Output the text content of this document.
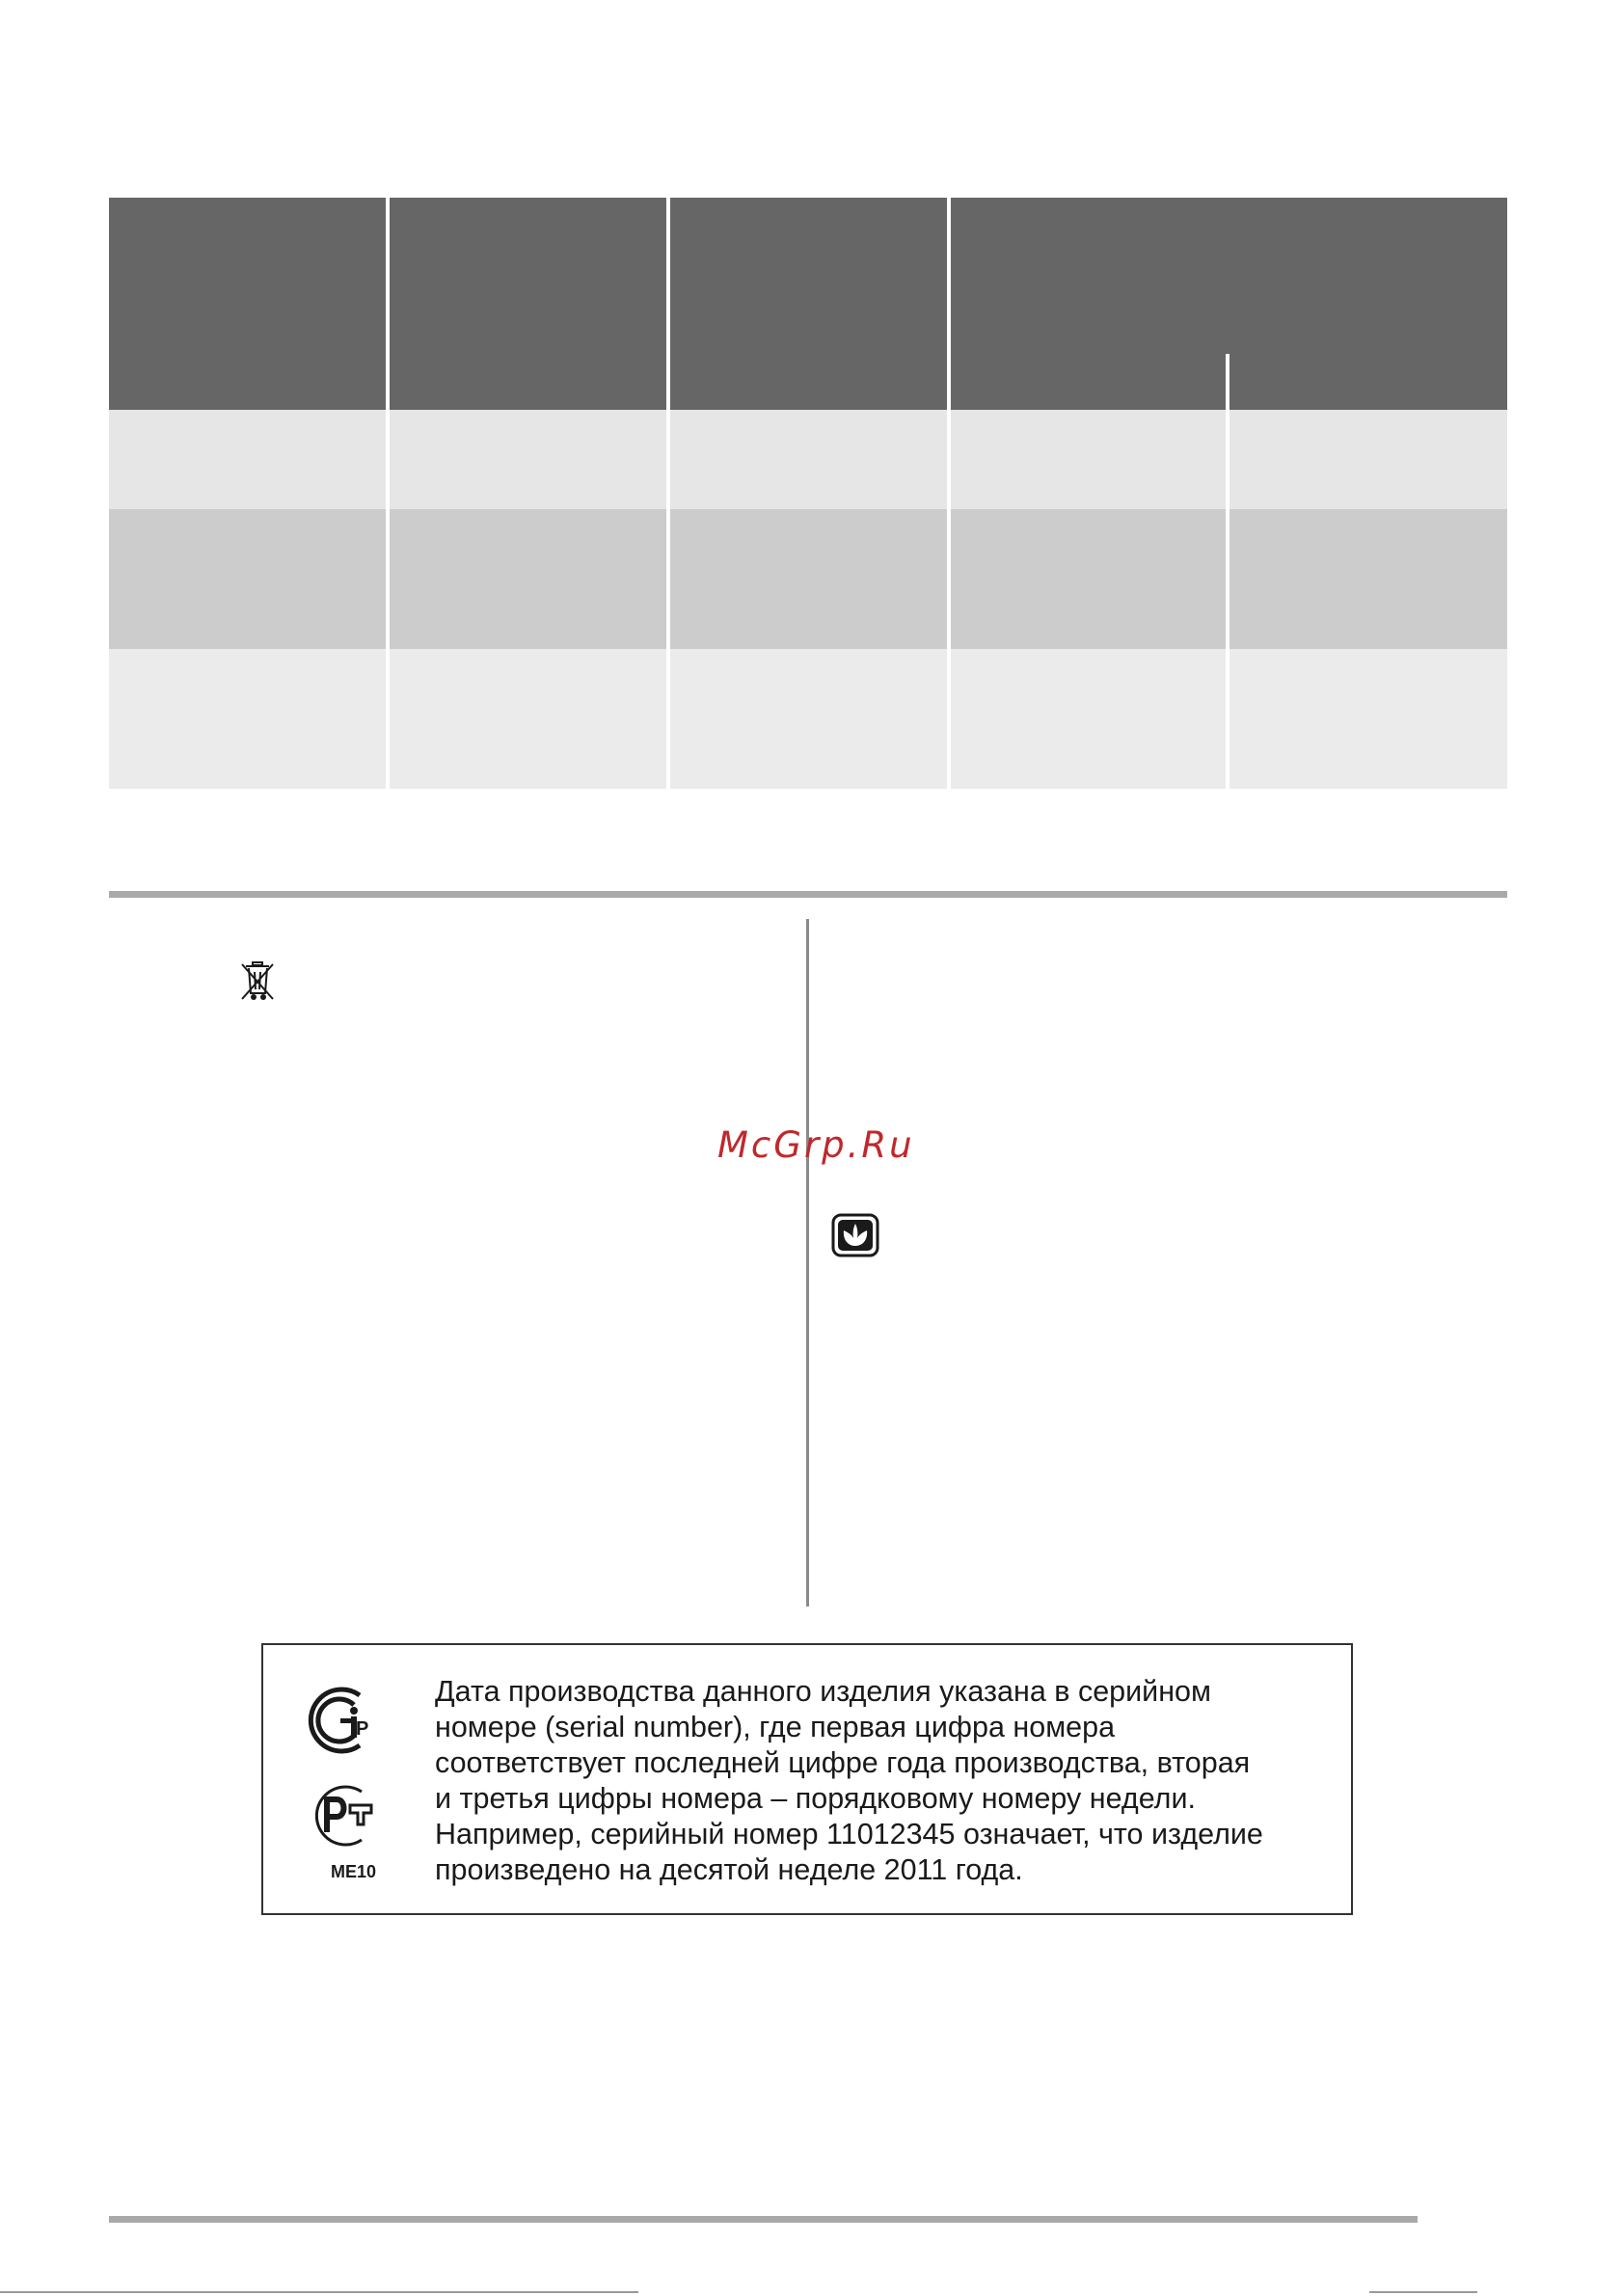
McGrp.Ru
Р
ME10
Дата производства данного изделия указана в серийном
номере (serial number), где первая цифра номера
соответствует последней цифре года производства, вторая
и третья цифры номера – порядковому номеру недели.
Например, серийный номер 11012345 означает, что изделие
произведено на десятой неделе 2011 года.
